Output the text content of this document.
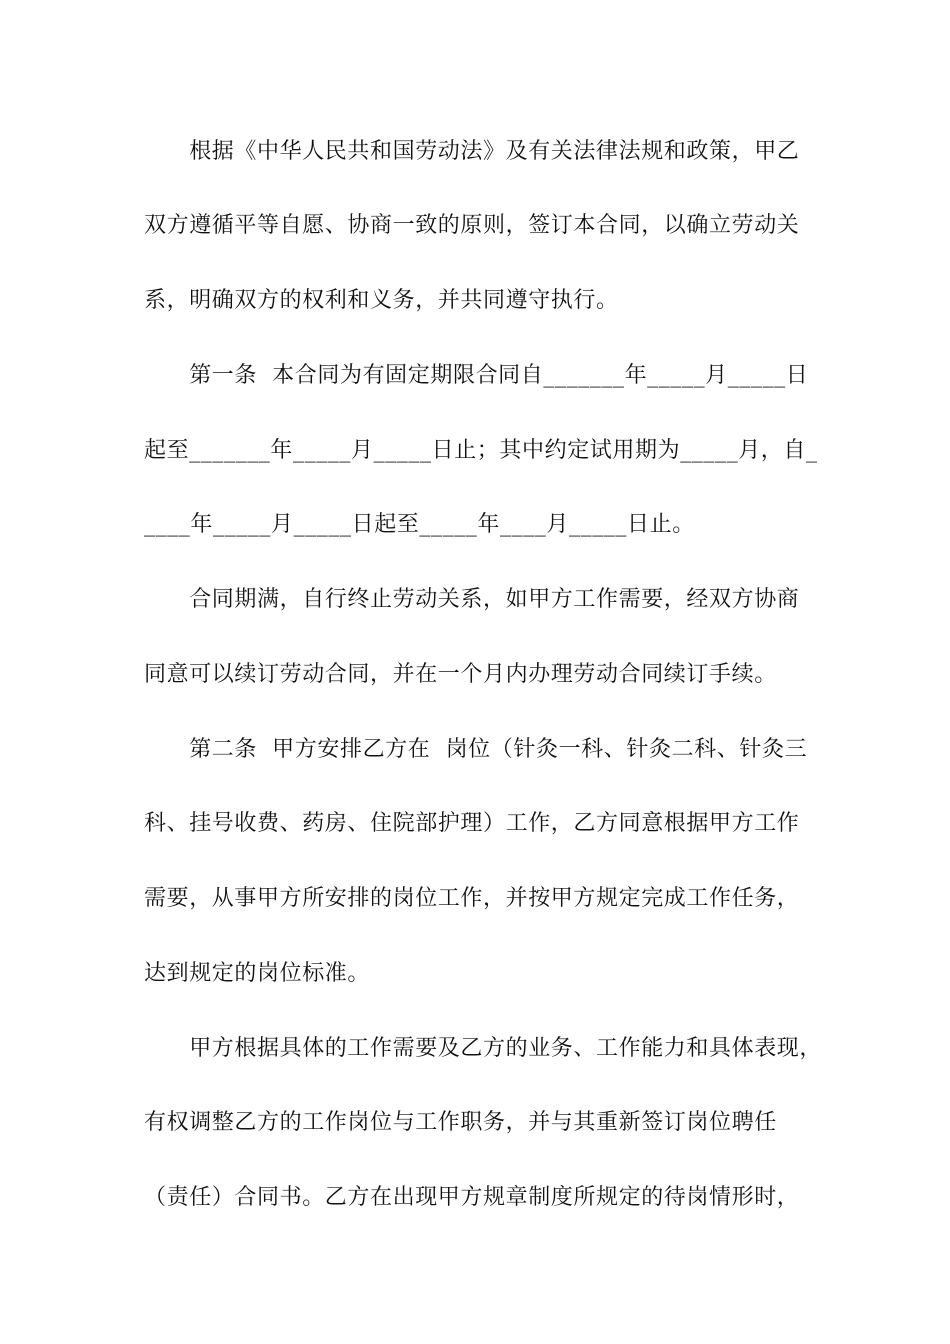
　　根据《中华人民共和国劳动法》及有关法律法规和政策，甲乙
双方遵循平等自愿、协商一致的原则，签订本合同，以确立劳动关
系，明确双方的权利和义务，并共同遵守执行。
　　第一条  本合同为有固定期限合同自_______年_____月_____日
起至_______年_____月_____日止；其中约定试用期为_____月，自_
____年_____月_____日起至_____年____月_____日止。
　　合同期满，自行终止劳动关系，如甲方工作需要，经双方协商
同意可以续订劳动合同，并在一个月内办理劳动合同续订手续。
　　第二条  甲方安排乙方在  岗位（针灸一科、针灸二科、针灸三
科、挂号收费、药房、住院部护理）工作，乙方同意根据甲方工作
需要，从事甲方所安排的岗位工作，并按甲方规定完成工作任务，
达到规定的岗位标准。
　　甲方根据具体的工作需要及乙方的业务、工作能力和具体表现，
有权调整乙方的工作岗位与工作职务，并与其重新签订岗位聘任
（责任）合同书。乙方在出现甲方规章制度所规定的待岗情形时，
